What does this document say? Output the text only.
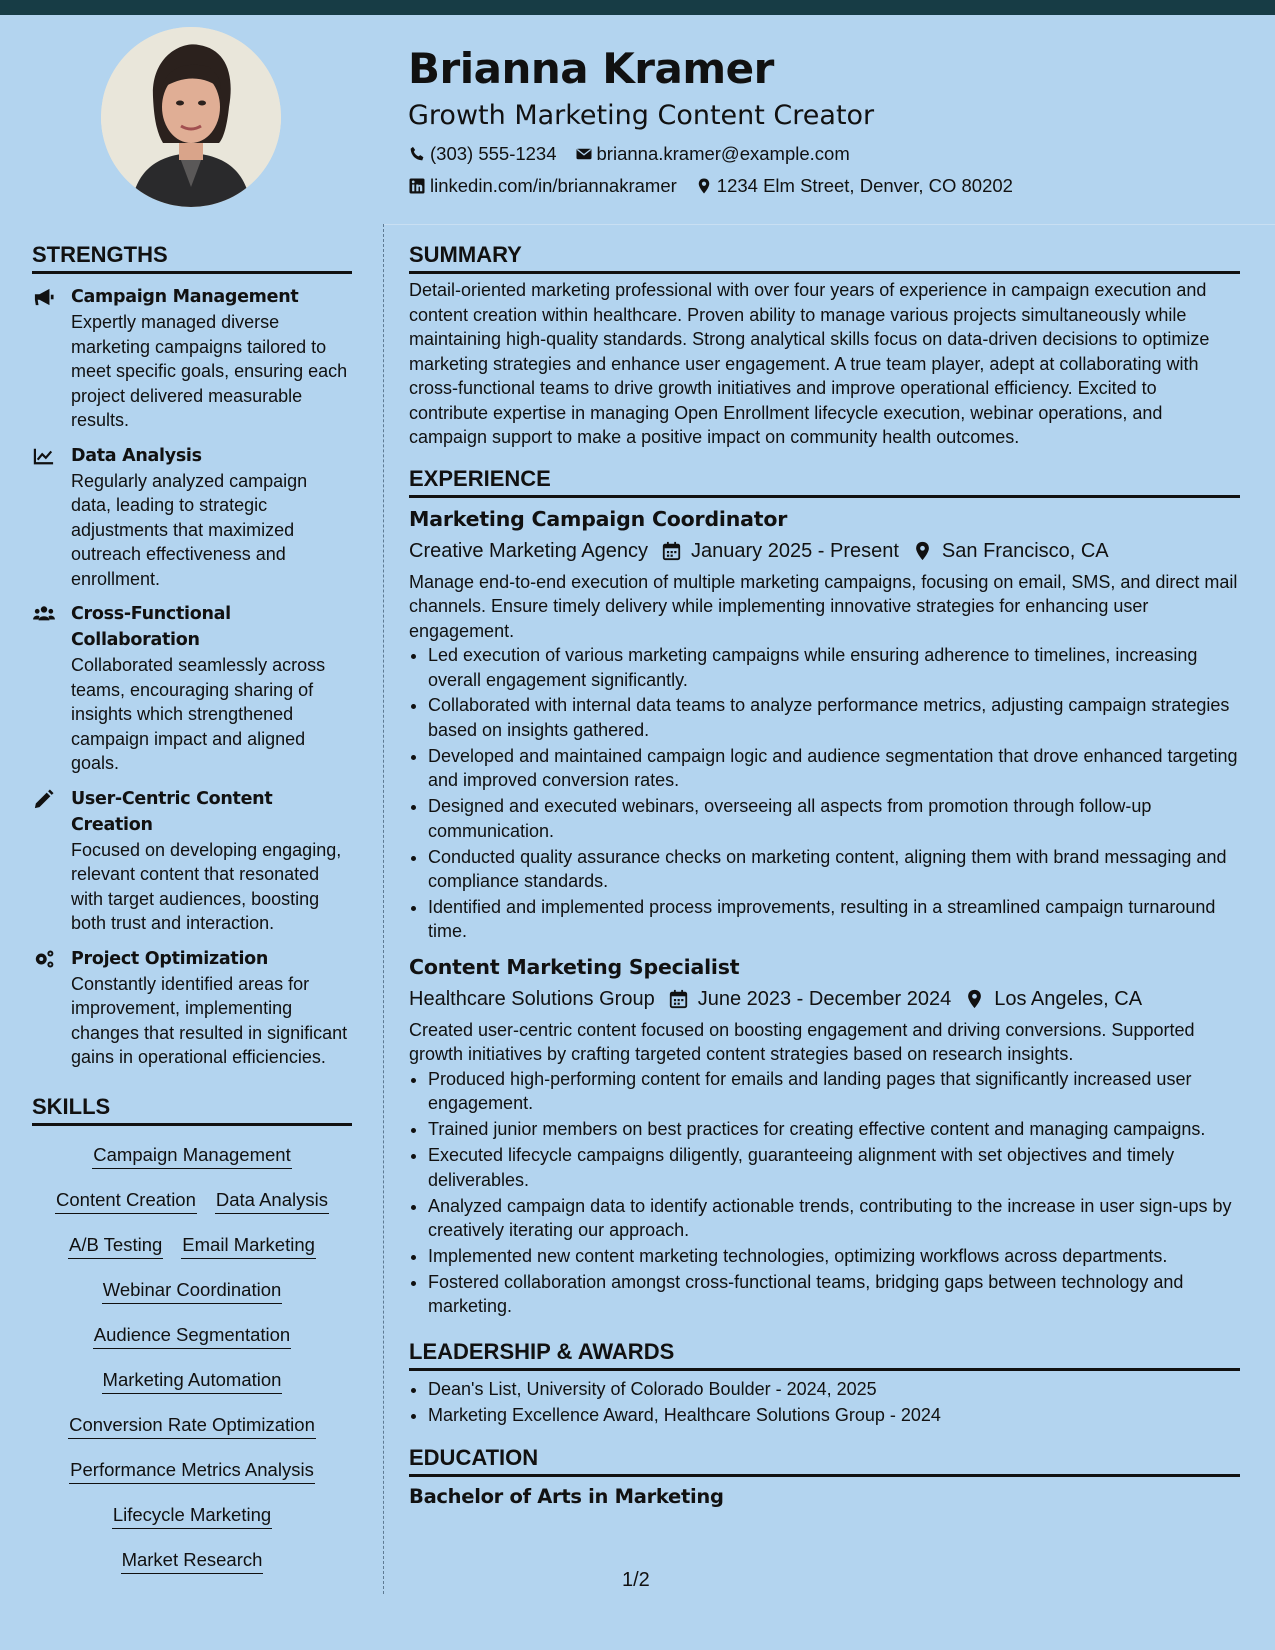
Brianna Kramer
Growth Marketing Content Creator
(303) 555-1234 brianna.kramer@example.com
linkedin.com/in/briannakramer 1234 Elm Street, Denver, CO 80202
STRENGTHS
Campaign Management
Expertly managed diverse marketing campaigns tailored to meet specific goals, ensuring each project delivered measurable results.
Data Analysis
Regularly analyzed campaign data, leading to strategic adjustments that maximized outreach effectiveness and enrollment.
Cross-Functional Collaboration
Collaborated seamlessly across teams, encouraging sharing of insights which strengthened campaign impact and aligned goals.
User-Centric Content Creation
Focused on developing engaging, relevant content that resonated with target audiences, boosting both trust and interaction.
Project Optimization
Constantly identified areas for improvement, implementing changes that resulted in significant gains in operational efficiencies.
SKILLS
Campaign Management
Content Creation Data Analysis
A/B Testing Email Marketing
Webinar Coordination
Audience Segmentation
Marketing Automation
Conversion Rate Optimization
Performance Metrics Analysis
Lifecycle Marketing
Market Research
SUMMARY

Detail-oriented marketing professional with over four years of experience in campaign execution and content creation within healthcare. Proven ability to manage various projects simultaneously while maintaining high-quality standards. Strong analytical skills focus on data-driven decisions to optimize marketing strategies and enhance user engagement. A true team player, adept at collaborating with cross-functional teams to drive growth initiatives and improve operational efficiency. Excited to contribute expertise in managing Open Enrollment lifecycle execution, webinar operations, and campaign support to make a positive impact on community health outcomes.

EXPERIENCE
Marketing Campaign Coordinator
Creative Marketing Agency January 2025 - Present San Francisco, CA

Manage end-to-end execution of multiple marketing campaigns, focusing on email, SMS, and direct mail channels. Ensure timely delivery while implementing innovative strategies for enhancing user engagement.

• Led execution of various marketing campaigns while ensuring adherence to timelines, increasing overall engagement significantly.
• Collaborated with internal data teams to analyze performance metrics, adjusting campaign strategies based on insights gathered.
• Developed and maintained campaign logic and audience segmentation that drove enhanced targeting and improved conversion rates.
• Designed and executed webinars, overseeing all aspects from promotion through follow-up communication.
• Conducted quality assurance checks on marketing content, aligning them with brand messaging and compliance standards.
• Identified and implemented process improvements, resulting in a streamlined campaign turnaround time.
Content Marketing Specialist
Healthcare Solutions Group June 2023 - December 2024 Los Angeles, CA

Created user-centric content focused on boosting engagement and driving conversions. Supported growth initiatives by crafting targeted content strategies based on research insights.

• Produced high-performing content for emails and landing pages that significantly increased user engagement.
• Trained junior members on best practices for creating effective content and managing campaigns.
• Executed lifecycle campaigns diligently, guaranteeing alignment with set objectives and timely deliverables.
• Analyzed campaign data to identify actionable trends, contributing to the increase in user sign-ups by creatively iterating our approach.
• Implemented new content marketing technologies, optimizing workflows across departments.
• Fostered collaboration amongst cross-functional teams, bridging gaps between technology and marketing.
LEADERSHIP & AWARDS
• Dean's List, University of Colorado Boulder - 2024, 2025
• Marketing Excellence Award, Healthcare Solutions Group - 2024
EDUCATION
Bachelor of Arts in Marketing
1/2
